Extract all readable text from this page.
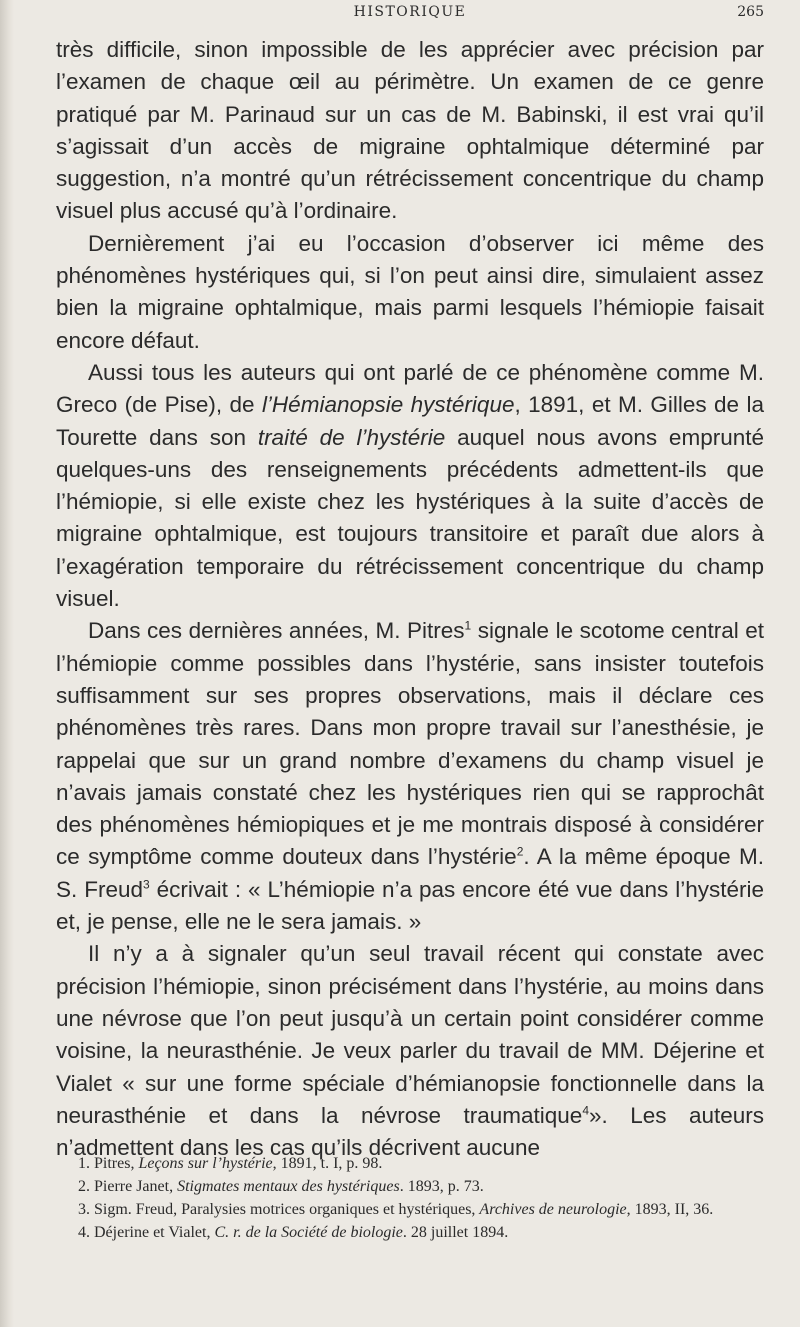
HISTORIQUE	265

très difficile, sinon impossible de les apprécier avec précision par l’examen de chaque œil au périmètre. Un examen de ce genre pratiqué par M. Parinaud sur un cas de M. Babinski, il est vrai qu’il s’agissait d’un accès de migraine ophtalmique déterminé par suggestion, n’a montré qu’un rétrécissement concentrique du champ visuel plus accusé qu’à l’ordinaire.

Dernièrement j’ai eu l’occasion d’observer ici même des phénomènes hystériques qui, si l’on peut ainsi dire, simulaient assez bien la migraine ophtalmique, mais parmi lesquels l’hémiopie faisait encore défaut.

Aussi tous les auteurs qui ont parlé de ce phénomène comme M. Greco (de Pise), de l’Hémianopsie hystérique, 1891, et M. Gilles de la Tourette dans son traité de l’hystérie auquel nous avons emprunté quelques-uns des renseignements précédents admettent-ils que l’hémiopie, si elle existe chez les hystériques à la suite d’accès de migraine ophtalmique, est toujours transitoire et paraît due alors à l’exagération temporaire du rétrécissement concentrique du champ visuel.

Dans ces dernières années, M. Pitres$^1$ signale le scotome central et l’hémiopie comme possibles dans l’hystérie, sans insister toutefois suffisamment sur ses propres observations, mais il déclare ces phénomènes très rares. Dans mon propre travail sur l’anesthésie, je rappelai que sur un grand nombre d’examens du champ visuel je n’avais jamais constaté chez les hystériques rien qui se rapprochât des phénomènes hémiopiques et je me montrais disposé à considérer ce symptôme comme douteux dans l’hystérie$^2$. A la même époque M. S. Freud$^3$ écrivait : « L’hémiopie n’a pas encore été vue dans l’hystérie et, je pense, elle ne le sera jamais. »

Il n’y a à signaler qu’un seul travail récent qui constate avec précision l’hémiopie, sinon précisément dans l’hystérie, au moins dans une névrose que l’on peut jusqu’à un certain point considérer comme voisine, la neurasthénie. Je veux parler du travail de MM. Déjerine et Vialet « sur une forme spéciale d’hémianopsie fonctionnelle dans la neurasthénie et dans la névrose traumatique$^4$». Les auteurs n’admettent dans les cas qu’ils décrivent aucune

1. Pitres, Leçons sur l’hystérie, 1891, t. I, p. 98.

2. Pierre Janet, Stigmates mentaux des hystériques. 1893, p. 73.

3. Sigm. Freud, Paralysies motrices organiques et hystériques, Archives de neurologie, 1893, II, 36.

4. Déjerine et Vialet, C. r. de la Société de biologie. 28 juillet 1894.
